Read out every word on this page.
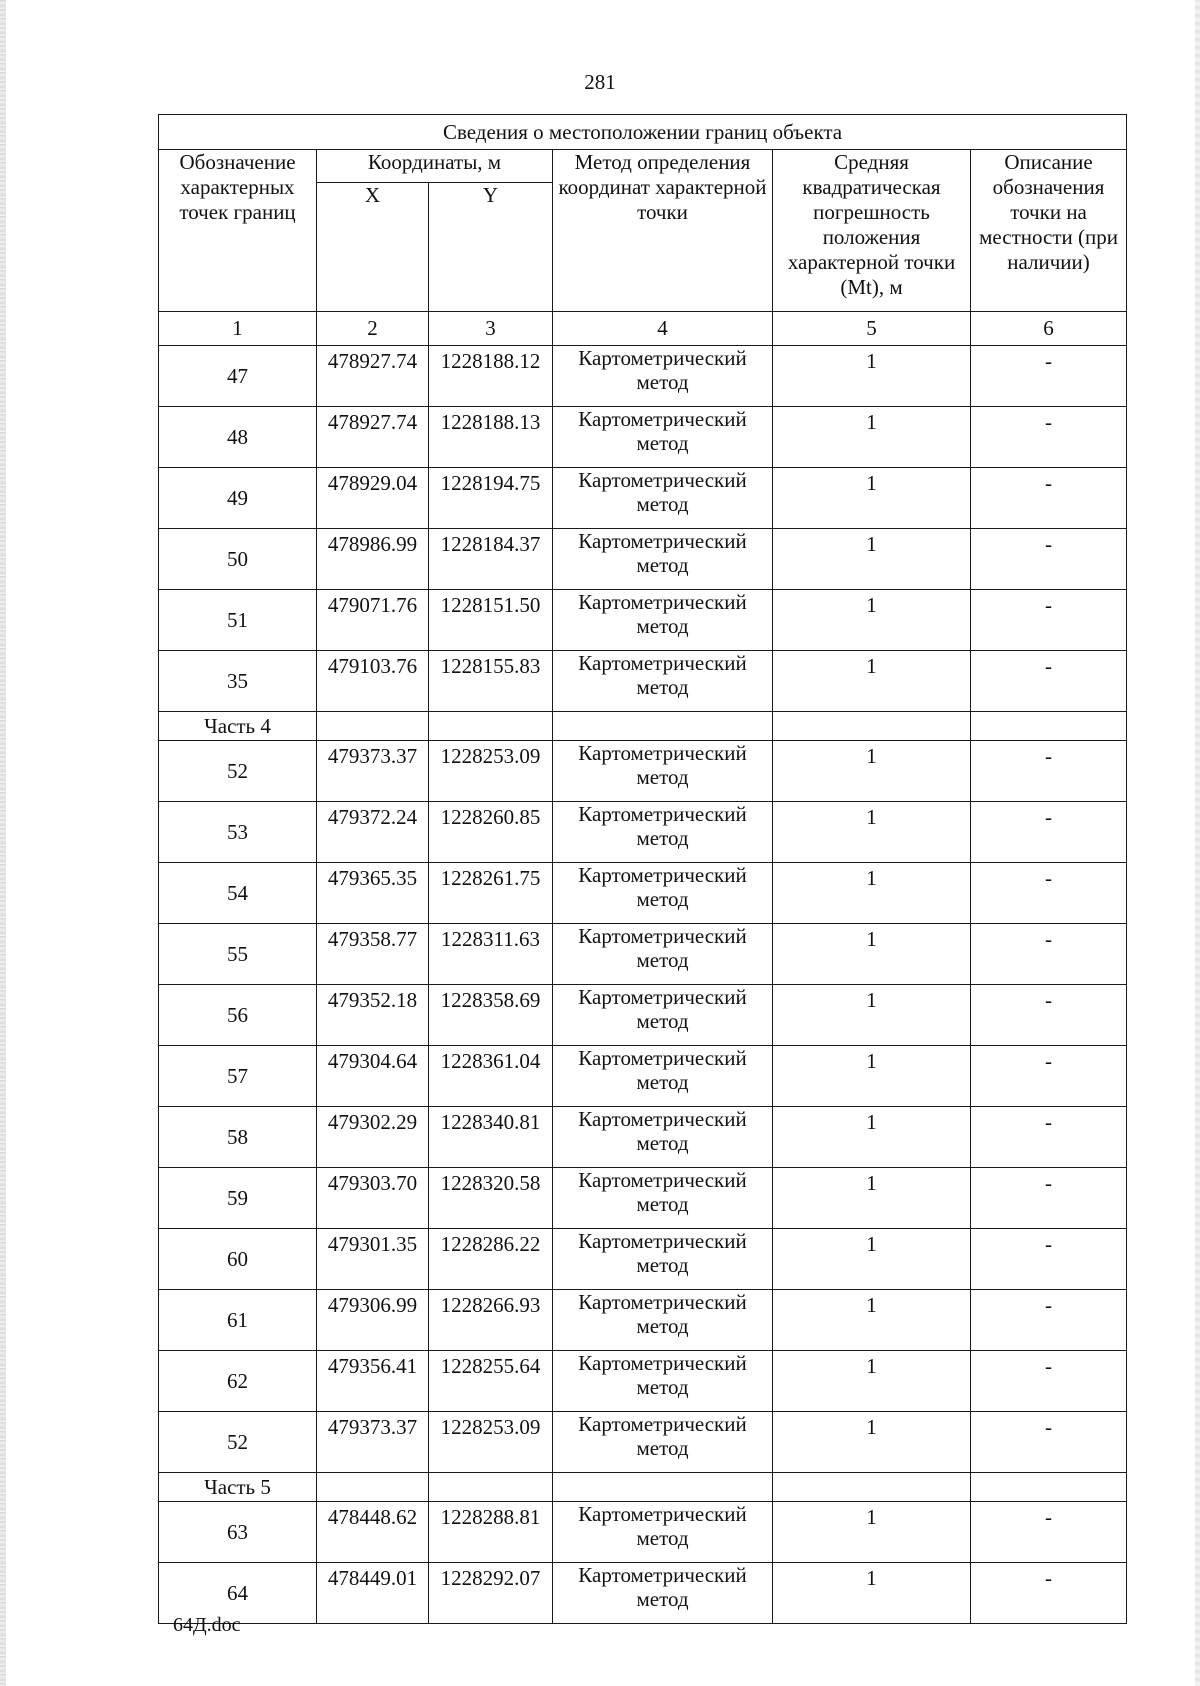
281
Сведения о местоположении границ объекта					
Обозначение характерных точек границ	Координаты, м		Метод определения координат характерной точки	Средняя квадратическая погрешность положения характерной точки (Mt), м	Описание обозначения точки на местности (при наличии)
	X	Y			
1	2	3	4	5	6
47	478927.74	1228188.12	Картометрический метод	1	-
48	478927.74	1228188.13	Картометрический метод	1	-
49	478929.04	1228194.75	Картометрический метод	1	-
50	478986.99	1228184.37	Картометрический метод	1	-
51	479071.76	1228151.50	Картометрический метод	1	-
35	479103.76	1228155.83	Картометрический метод	1	-
Часть 4					
52	479373.37	1228253.09	Картометрический метод	1	-
53	479372.24	1228260.85	Картометрический метод	1	-
54	479365.35	1228261.75	Картометрический метод	1	-
55	479358.77	1228311.63	Картометрический метод	1	-
56	479352.18	1228358.69	Картометрический метод	1	-
57	479304.64	1228361.04	Картометрический метод	1	-
58	479302.29	1228340.81	Картометрический метод	1	-
59	479303.70	1228320.58	Картометрический метод	1	-
60	479301.35	1228286.22	Картометрический метод	1	-
61	479306.99	1228266.93	Картометрический метод	1	-
62	479356.41	1228255.64	Картометрический метод	1	-
52	479373.37	1228253.09	Картометрический метод	1	-
Часть 5					
63	478448.62	1228288.81	Картометрический метод	1	-
64	478449.01	1228292.07	Картометрический метод	1	-
64Д.doc
